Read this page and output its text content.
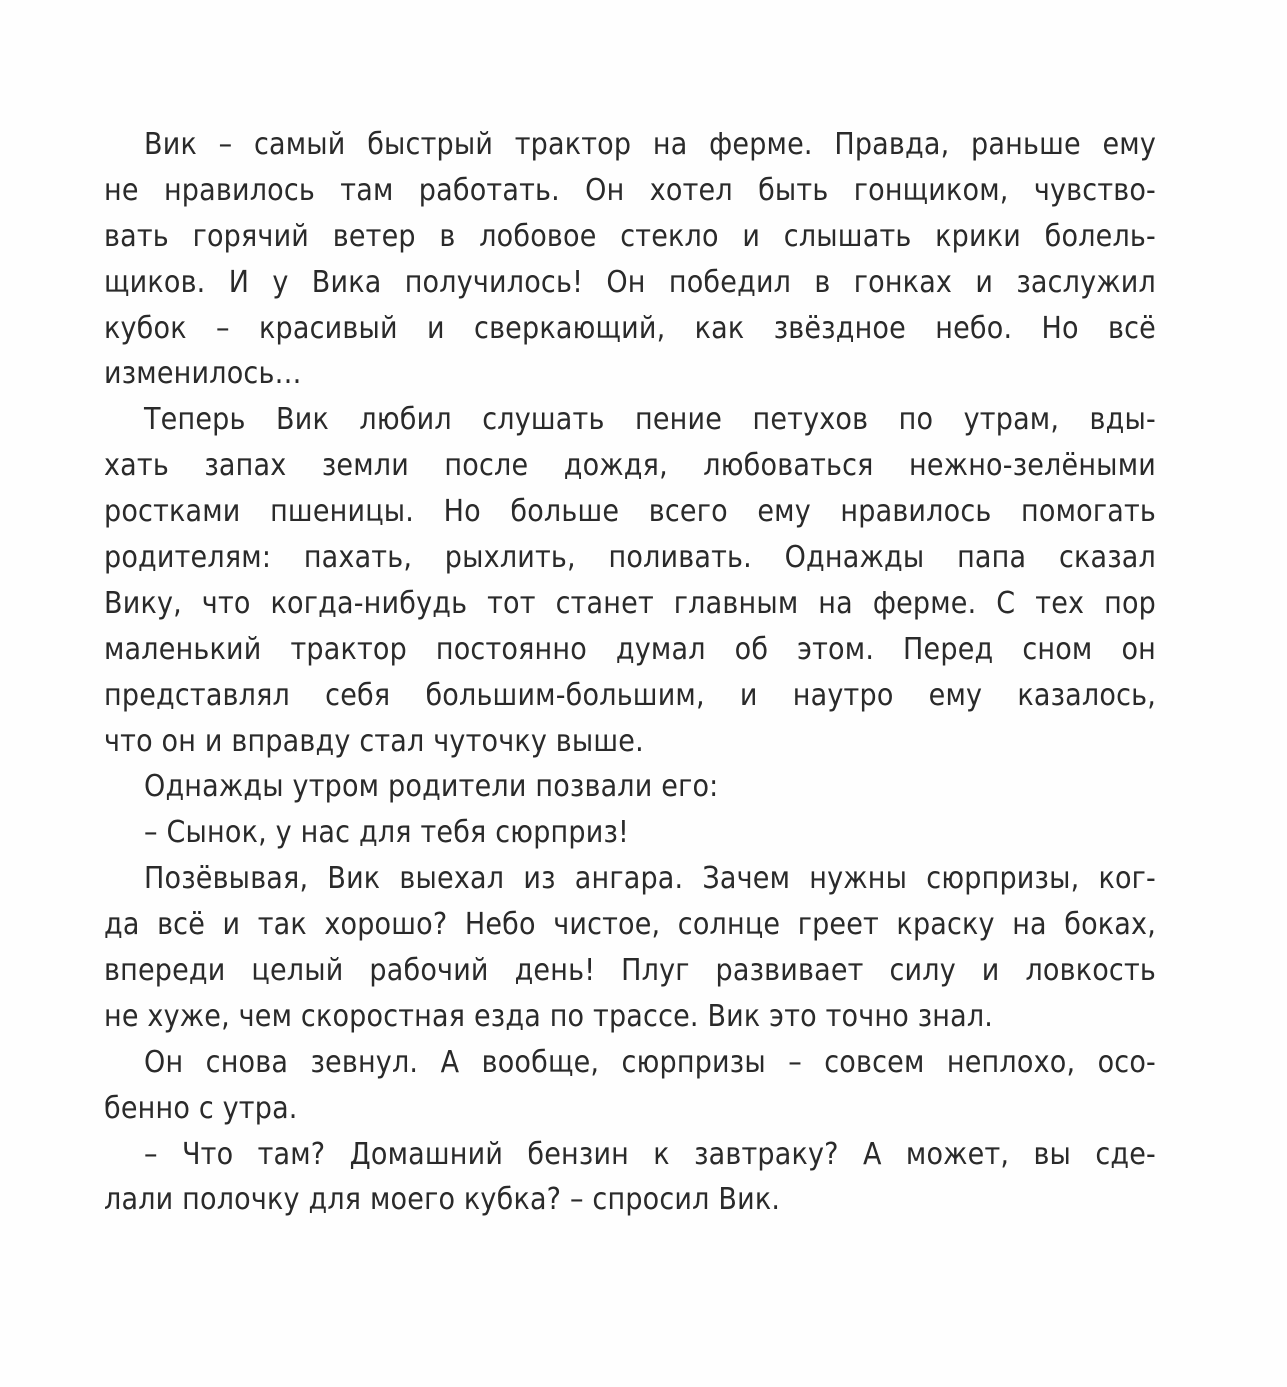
Вик – самый быстрый трактор на ферме. Правда, раньше ему
не нравилось там работать. Он хотел быть гонщиком, чувство-
вать горячий ветер в лобовое стекло и слышать крики болель-
щиков. И у Вика получилось! Он победил в гонках и заслужил
кубок – красивый и сверкающий, как звёздное небо. Но всё
изменилось…
Теперь Вик любил слушать пение петухов по утрам, вды-
хать запах земли после дождя, любоваться нежно-зелёными
ростками пшеницы. Но больше всего ему нравилось помогать
родителям: пахать, рыхлить, поливать. Однажды папа сказал
Вику, что когда-нибудь тот станет главным на ферме. С тех пор
маленький трактор постоянно думал об этом. Перед сном он
представлял себя большим-большим, и наутро ему казалось,
что он и вправду стал чуточку выше.
Однажды утром родители позвали его:
– Сынок, у нас для тебя сюрприз!
Позёвывая, Вик выехал из ангара. Зачем нужны сюрпризы, ког-
да всё и так хорошо? Небо чистое, солнце греет краску на боках,
впереди целый рабочий день! Плуг развивает силу и ловкость
не хуже, чем скоростная езда по трассе. Вик это точно знал.
Он снова зевнул. А вообще, сюрпризы – совсем неплохо, осо-
бенно с утра.
– Что там? Домашний бензин к завтраку? А может, вы сде-
лали полочку для моего кубка? – спросил Вик.
